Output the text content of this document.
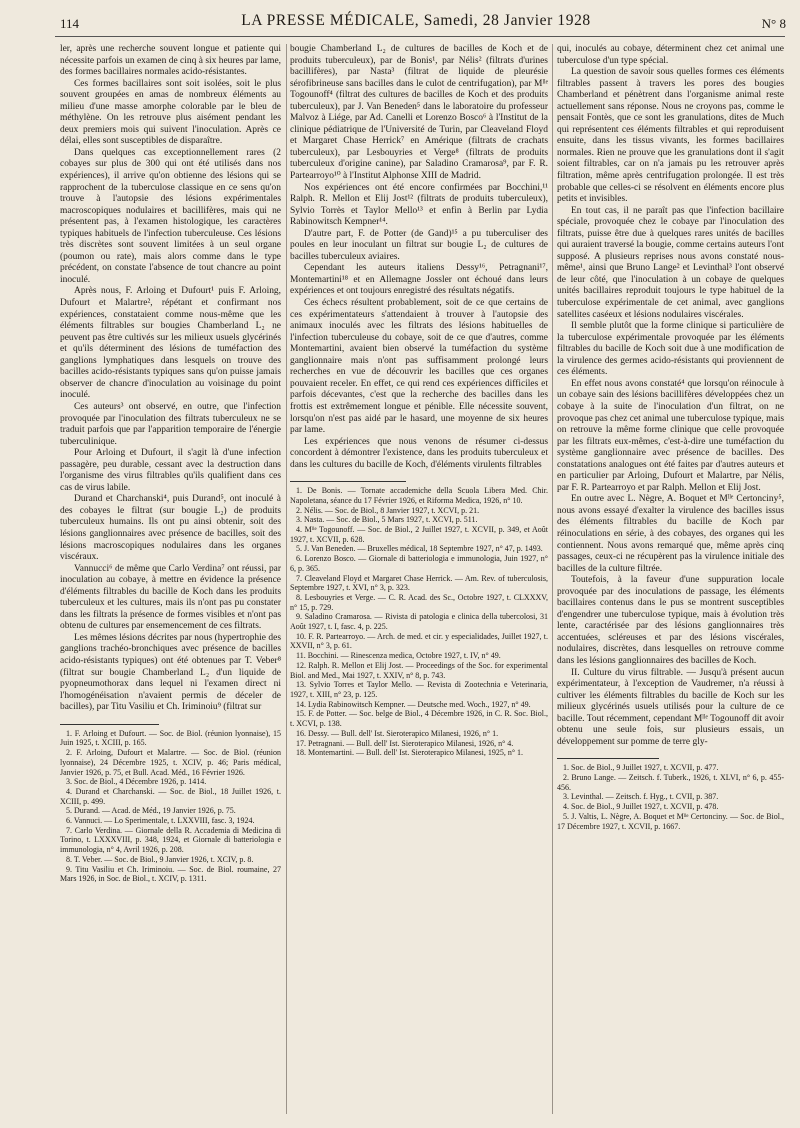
114	LA PRESSE MÉDICALE, Samedi, 28 Janvier 1928	N° 8

ler, après une recherche souvent longue et patiente qui nécessite parfois un examen de cinq à six heures par lame, des formes bacillaires normales acido-résistantes.

Ces formes bacillaires sont soit isolées, soit le plus souvent groupées en amas de nombreux éléments au milieu d'une masse amorphe colorable par le bleu de méthylène. On les retrouve plus aisément pendant les deux premiers mois qui suivent l'inoculation. Après ce délai, elles sont susceptibles de disparaître.

Dans quelques cas exceptionnellement rares (2 cobayes sur plus de 300 qui ont été utilisés dans nos expériences), il arrive qu'on obtienne des lésions qui se rapprochent de la tuberculose classique en ce sens qu'on trouve à l'autopsie des lésions expérimentales macroscopiques nodulaires et bacillifères, mais qui ne présentent pas, à l'examen histologique, les caractères typiques habituels de l'infection tuberculeuse. Ces lésions très discrètes sont souvent limitées à un seul organe (poumon ou rate), mais alors comme dans le type précédent, on constate l'absence de tout chancre au point inoculé.

Après nous, F. Arloing et Dufourt¹ puis F. Arloing, Dufourt et Malartre², répétant et confirmant nos expériences, constataient comme nous-même que les éléments filtrables sur bougies Chamberland L₂ ne peuvent pas être cultivés sur les milieux usuels glycérinés et qu'ils déterminent des lésions de tuméfaction des ganglions lymphatiques dans lesquels on trouve des bacilles acido-résistants typiques sans qu'on puisse jamais observer de chancre d'inoculation au voisinage du point inoculé.

Ces auteurs³ ont observé, en outre, que l'infection provoquée par l'inoculation des filtrats tuberculeux ne se traduit parfois que par l'apparition temporaire de l'énergie tuberculinique.

Pour Arloing et Dufourt, il s'agit là d'une infection passagère, peu durable, cessant avec la destruction dans l'organisme des virus filtrables qu'ils qualifient dans ces cas de virus labile.

Durand et Charchanski⁴, puis Durand⁵, ont inoculé à des cobayes le filtrat (sur bougie L₂) de produits tuberculeux humains. Ils ont pu ainsi obtenir, soit des lésions ganglionnaires avec présence de bacilles, soit des lésions macroscopiques nodulaires dans les organes viscéraux.

Vannucci⁶ de même que Carlo Verdina⁷ ont réussi, par inoculation au cobaye, à mettre en évidence la présence d'éléments filtrables du bacille de Koch dans les produits tuberculeux et les cultures, mais ils n'ont pas pu constater dans les filtrats la présence de formes visibles et n'ont pas obtenu de cultures par ensemencement de ces filtrats.

Les mêmes lésions décrites par nous (hypertrophie des ganglions trachéo-bronchiques avec présence de bacilles acido-résistants typiques) ont été obtenues par T. Veber⁸ (filtrat sur bougie Chamberland L₂ d'un liquide de pyopneumothorax dans lequel ni l'examen direct ni l'homogénéisation n'avaient permis de déceler de bacilles), par Titu Vasiliu et Ch. Iriminoiu⁹ (filtrat sur

1. F. Arloing et Dufourt. — Soc. de Biol. (réunion lyonnaise), 15 Juin 1925, t. XCIII, p. 165.

2. F. Arloing, Dufourt et Malartre. — Soc. de Biol. (réunion lyonnaise), 24 Décembre 1925, t. XCIV, p. 46; Paris médical, Janvier 1926, p. 75, et Bull. Acad. Méd., 16 Février 1926.

3. Soc. de Biol., 4 Décembre 1926, p. 1414.

4. Durand et Charchanski. — Soc. de Biol., 18 Juillet 1926, t. XCIII, p. 499.

5. Durand. — Acad. de Méd., 19 Janvier 1926, p. 75.

6. Vannuci. — Lo Sperimentale, t. LXXVIII, fasc. 3, 1924.

7. Carlo Verdina. — Giornale della R. Accademia di Medicina di Torino, t. LXXXVIII, p. 348, 1924, et Giornale di batteriologia e immunologia, n° 4, Avril 1926, p. 208.

8. T. Veber. — Soc. de Biol., 9 Janvier 1926, t. XCIV, p. 8.

9. Titu Vasiliu et Ch. Iriminoiu. — Soc. de Biol. roumaine, 27 Mars 1926, in Soc. de Biol., t. XCIV, p. 1311.

bougie Chamberland L₂ de cultures de bacilles de Koch et de produits tuberculeux), par de Bonis¹, par Nélis² (filtrats d'urines bacillifères), par Nasta³ (filtrat de liquide de pleurésie sérofibrineuse sans bacilles dans le culot de centrifugation), par Mˡˡᵉ Togounoff⁴ (filtrat des cultures de bacilles de Koch et des produits tuberculeux), par J. Van Beneden⁵ dans le laboratoire du professeur Malvoz à Liége, par Ad. Canelli et Lorenzo Bosco⁶ à l'Institut de la clinique pédiatrique de l'Université de Turin, par Cleaveland Floyd et Margaret Chase Herrick⁷ en Amérique (filtrats de crachats tuberculeux), par Lesbouyries et Verge⁸ (filtrats de produits tuberculeux d'origine canine), par Saladino Cramarosa⁹, par F. R. Partearroyo¹⁰ à l'Institut Alphonse XIII de Madrid.

Nos expériences ont été encore confirmées par Bocchini,¹¹ Ralph. R. Mellon et Elij Jost¹² (filtrats de produits tuberculeux), Sylvio Torrès et Taylor Mello¹³ et enfin à Berlin par Lydia Rabinowitsch Kempner¹⁴.

D'autre part, F. de Potter (de Gand)¹⁵ a pu tuberculiser des poules en leur inoculant un filtrat sur bougie L₂ de cultures de bacilles tuberculeux aviaires.

Cependant les auteurs italiens Dessy¹⁶, Petragnani¹⁷, Montemartini¹⁸ et en Allemagne Jossler ont échoué dans leurs expériences et ont toujours enregistré des résultats négatifs.

Ces échecs résultent probablement, soit de ce que certains de ces expérimentateurs s'attendaient à trouver à l'autopsie des animaux inoculés avec les filtrats des lésions habituelles de l'infection tuberculeuse du cobaye, soit de ce que d'autres, comme Montemartini, avaient bien observé la tuméfaction du système ganglionnaire mais n'ont pas suffisamment prolongé leurs recherches en vue de découvrir les bacilles que ces organes pouvaient receler. En effet, ce qui rend ces expériences difficiles et parfois décevantes, c'est que la recherche des bacilles dans les frottis est extrêmement longue et pénible. Elle nécessite souvent, lorsqu'on n'est pas aidé par le hasard, une moyenne de six heures par lame.

Les expériences que nous venons de résumer ci-dessus concordent à démontrer l'existence, dans les produits tuberculeux et dans les cultures du bacille de Koch, d'éléments virulents filtrables

1. De Bonis. — Tornate accademiche della Scuola Libera Med. Chir. Napoletana, séance du 17 Février 1926, et Riforma Medica, 1926, n° 10.

2. Nélis. — Soc. de Biol., 8 Janvier 1927, t. XCVI, p. 21.

3. Nasta. — Soc. de Biol., 5 Mars 1927, t. XCVI, p. 511.

4. Mˡˡᵉ Togounoff. — Soc. de Biol., 2 Juillet 1927, t. XCVII, p. 349, et Août 1927, t. XCVII, p. 628.

5. J. Van Beneden. — Bruxelles médical, 18 Septembre 1927, n° 47, p. 1493.

6. Lorenzo Bosco. — Giornale di batteriologia e immunologia, Juin 1927, n° 6, p. 365.

7. Cleaveland Floyd et Margaret Chase Herrick. — Am. Rev. of tuberculosis, Septembre 1927, t. XVI, n° 3, p. 323.

8. Lesbouyries et Verge. — C. R. Acad. des Sc., Octobre 1927, t. CLXXXV, n° 15, p. 729.

9. Saladino Cramarosa. — Rivista di patologia e clinica della tubercolosi, 31 Août 1927, t. I, fasc. 4, p. 225.

10. F. R. Partearroyo. — Arch. de med. et cir. y especialidades, Juillet 1927, t. XXVII, n° 3, p. 61.

11. Bocchini. — Rinescenza medica, Octobre 1927, t. IV, n° 49.

12. Ralph. R. Mellon et Elij Jost. — Proceedings of the Soc. for experimental Biol. and Med., Mai 1927, t. XXIV, n° 8, p. 743.

13. Sylvio Torres et Taylor Mello. — Revista di Zootechnia e Veterinaria, 1927, t. XIII, n° 23, p. 125.

14. Lydia Rabinowitsch Kempner. — Deutsche med. Woch., 1927, n° 49.

15. F. de Potter. — Soc. belge de Biol., 4 Décembre 1926, in C. R. Soc. Biol., t. XCVI, p. 138.

16. Dessy. — Bull. dell' Ist. Sieroterapico Milanesi, 1926, n° 1.

17. Petragnani. — Bull. dell' Ist. Sieroterapico Milanesi, 1926, n° 4.

18. Montemartini. — Bull. dell' Ist. Sieroterapico Milanesi, 1925, n° 1.

qui, inoculés au cobaye, déterminent chez cet animal une tuberculose d'un type spécial.

La question de savoir sous quelles formes ces éléments filtrables passent à travers les pores des bougies Chamberland et pénètrent dans l'organisme animal reste actuellement sans réponse. Nous ne croyons pas, comme le pensait Fontès, que ce sont les granulations, dites de Much qui représentent ces éléments filtrables et qui reproduisent ensuite, dans les tissus vivants, les formes bacillaires normales. Rien ne prouve que les granulations dont il s'agit soient filtrables, car on n'a jamais pu les retrouver après filtration, même après centrifugation prolongée. Il est très probable que celles-ci se résolvent en éléments encore plus petits et invisibles.

En tout cas, il ne paraît pas que l'infection bacillaire spéciale, provoquée chez le cobaye par l'inoculation des filtrats, puisse être due à quelques rares unités de bacilles qui auraient traversé la bougie, comme certains auteurs l'ont supposé. A plusieurs reprises nous avons constaté nous-même¹, ainsi que Bruno Lange² et Levinthal³ l'ont observé de leur côté, que l'inoculation à un cobaye de quelques unités bacillaires reproduit toujours le type habituel de la tuberculose expérimentale de cet animal, avec ganglions satellites caséeux et lésions nodulaires viscérales.

Il semble plutôt que la forme clinique si particulière de la tuberculose expérimentale provoquée par les éléments filtrables du bacille de Koch soit due à une modification de la virulence des germes acido-résistants qui proviennent de ces éléments.

En effet nous avons constaté⁴ que lorsqu'on réinocule à un cobaye sain des lésions bacillifères développées chez un cobaye à la suite de l'inoculation d'un filtrat, on ne provoque pas chez cet animal une tuberculose typique, mais on retrouve la même forme clinique que celle provoquée par les filtrats eux-mêmes, c'est-à-dire une tuméfaction du système ganglionnaire avec présence de bacilles. Des constatations analogues ont été faites par d'autres auteurs et en particulier par Arloing, Dufourt et Malartre, par Nélis, par F. R. Partearroyo et par Ralph. Mellon et Elij Jost.

En outre avec L. Nègre, A. Boquet et Mˡˡᵉ Certonciny⁵, nous avons essayé d'exalter la virulence des bacilles issus des éléments filtrables du bacille de Koch par réinoculations en série, à des cobayes, des organes qui les contiennent. Nous avons remarqué que, même après cinq passages, ceux-ci ne récupèrent pas la virulence initiale des bacilles de la culture filtrée.

Toutefois, à la faveur d'une suppuration locale provoquée par des inoculations de passage, les éléments bacillaires contenus dans le pus se montrent susceptibles d'engendrer une tuberculose typique, mais à évolution très lente, caractérisée par des lésions ganglionnaires très accentuées, scléreuses et par des lésions viscérales, nodulaires, discrètes, dans lesquelles on retrouve comme dans les lésions ganglionnaires des bacilles de Koch.

II. Culture du virus filtrable. — Jusqu'à présent aucun expérimentateur, à l'exception de Vaudremer, n'a réussi à cultiver les éléments filtrables du bacille de Koch sur les milieux glycérinés usuels utilisés pour la culture de ce bacille. Tout récemment, cependant Mˡˡᵉ Togounoff dit avoir obtenu une seule fois, sur plusieurs essais, un développement sur pomme de terre gly-

1. Soc. de Biol., 9 Juillet 1927, t. XCVII, p. 477.

2. Bruno Lange. — Zeitsch. f. Tuberk., 1926, t. XLVI, n° 6, p. 455-456.

3. Levinthal. — Zeitsch. f. Hyg., t. CVII, p. 387.

4. Soc. de Biol., 9 Juillet 1927, t. XCVII, p. 478.

5. J. Valtis, L. Nègre, A. Boquet et Mˡˡᵉ Certonciny. — Soc. de Biol., 17 Décembre 1927, t. XCVII, p. 1667.
